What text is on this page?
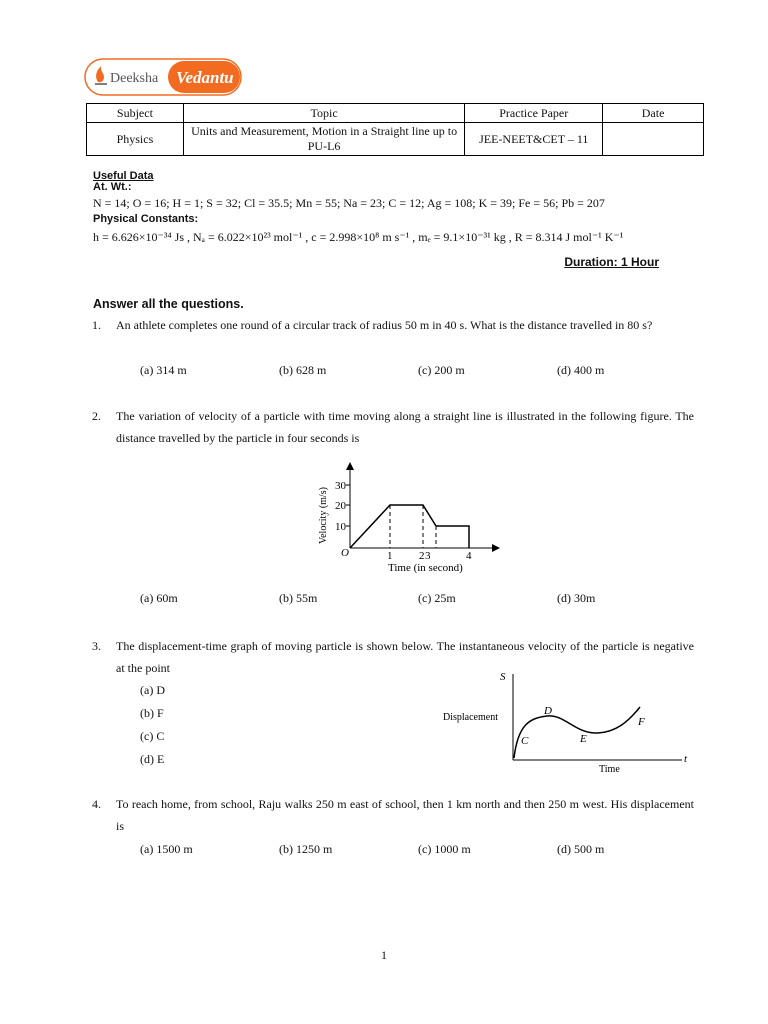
Deeksha Vedantu
Subject	Topic	Practice Paper	Date
Physics	Units and Measurement, Motion in a Straight line up to PU-L6	JEE-NEET&CET – 11	
Useful Data
At. Wt.:
N = 14; O = 16; H = 1; S = 32; Cl = 35.5; Mn = 55; Na = 23; C = 12; Ag = 108; K = 39; Fe = 56; Pb = 207
Physical Constants:
h = 6.626×10⁻³⁴ Js , Nₐ = 6.022×10²³ mol⁻¹ , c = 2.998×10⁸ m s⁻¹ , mₑ = 9.1×10⁻³¹ kg , R = 8.314 J mol⁻¹ K⁻¹
Duration: 1 Hour
Answer all the questions.
1. An athlete completes one round of a circular track of radius 50 m in 40 s. What is the distance travelled in 80 s?
(a) 314 m	(b) 628 m	(c) 200 m	(d) 400 m
2. The variation of velocity of a particle with time moving along a straight line is illustrated in the following figure. The distance travelled by the particle in four seconds is
10
20
30
1 2 3	4
O
Time (in second)
Velocity (m/s)
(a) 60m	(b) 55m	(c) 25m	(d) 30m
3. The displacement-time graph of moving particle is shown below. The instantaneous velocity of the particle is negative at the point
(a) D
(b) F
(c) C
(d) E
S
t
Displacement
Time
C
D
E
F
4. To reach home, from school, Raju walks 250 m east of school, then 1 km north and then 250 m west. His displacement is
(a) 1500 m	(b) 1250 m	(c) 1000 m	(d) 500 m
1
